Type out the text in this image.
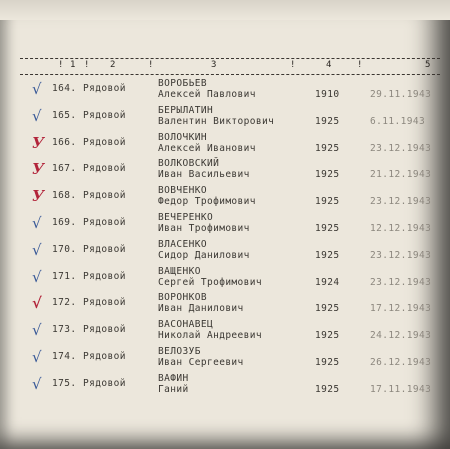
! 1 ! 2	!	3	!	4	!	5
√ 164. Рядовой	ВОРОБЬЕВ
Алексей Павлович	1910	29.11.1943
√ 165. Рядовой	БЕРЫЛАТИН
Валентин Викторович	1925	6.11.1943
У 166. Рядовой	ВОЛОЧКИН
Алексей Иванович	1925	23.12.1943
У 167. Рядовой	ВОЛКОВСКИЙ
Иван Васильевич	1925	21.12.1943
У 168. Рядовой	ВОВЧЕНКО
Федор Трофимович	1925	23.12.1943
√ 169. Рядовой	ВЕЧЕРЕНКО
Иван Трофимович	1925	12.12.1943
√ 170. Рядовой	ВЛАСЕНКО
Сидор Данилович	1925	23.12.1943
√ 171. Рядовой	ВАЩЕНКО
Сергей Трофимович	1924	23.12.1943
√ 172. Рядовой	ВОРОНКОВ
Иван Данилович	1925	17.12.1943
√ 173. Рядовой	ВАСОНАВЕЦ
Николай Андреевич	1925	24.12.1943
√ 174. Рядовой	ВЕЛОЗУБ
Иван Сергеевич	1925	26.12.1943
√ 175. Рядовой	ВАФИН
Ганий	1925	17.11.1943
